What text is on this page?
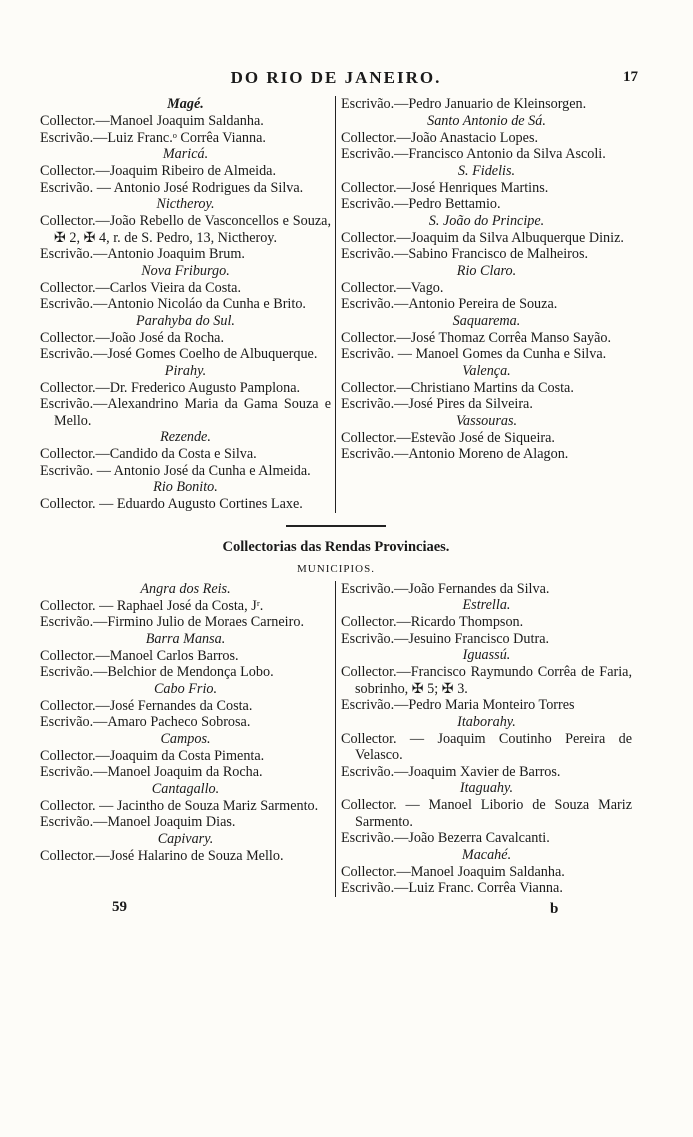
DO RIO DE JANEIRO.	17
Magé.
Collector.—Manoel Joaquim Saldanha.
Escrivão.—Luiz Franc.ᵒ Corrêa Vianna.
Maricá.
Collector.—Joaquim Ribeiro de Almeida.
Escrivão. — Antonio José Rodrigues da Silva.
Nictheroy.
Collector.—João Rebello de Vasconcellos e Souza, ✠ 2, ✠ 4, r. de S. Pedro, 13, Nictheroy.
Escrivão.—Antonio Joaquim Brum.
Nova Friburgo.
Collector.—Carlos Vieira da Costa.
Escrivão.—Antonio Nicoláo da Cunha e Brito.
Parahyba do Sul.
Collector.—João José da Rocha.
Escrivão.—José Gomes Coelho de Albuquerque.
Pirahy.
Collector.—Dr. Frederico Augusto Pamplona.
Escrivão.—Alexandrino Maria da Gama Souza e Mello.
Rezende.
Collector.—Candido da Costa e Silva.
Escrivão. — Antonio José da Cunha e Almeida.
Rio Bonito.
Collector. — Eduardo Augusto Cortines Laxe.
Escrivão.—Pedro Januario de Kleinsorgen.
Santo Antonio de Sá.
Collector.—João Anastacio Lopes.
Escrivão.—Francisco Antonio da Silva Ascoli.
S. Fidelis.
Collector.—José Henriques Martins.
Escrivão.—Pedro Bettamio.
S. João do Principe.
Collector.—Joaquim da Silva Albuquerque Diniz.
Escrivão.—Sabino Francisco de Malheiros.
Rio Claro.
Collector.—Vago.
Escrivão.—Antonio Pereira de Souza.
Saquarema.
Collector.—José Thomaz Corrêa Manso Sayão.
Escrivão. — Manoel Gomes da Cunha e Silva.
Valença.
Collector.—Christiano Martins da Costa.
Escrivão.—José Pires da Silveira.
Vassouras.
Collector.—Estevão José de Siqueira.
Escrivão.—Antonio Moreno de Alagon.
Collectorias das Rendas Provinciaes.
MUNICIPIOS.
Angra dos Reis.
Collector. — Raphael José da Costa, Jʳ.
Escrivão.—Firmino Julio de Moraes Carneiro.
Barra Mansa.
Collector.—Manoel Carlos Barros.
Escrivão.—Belchior de Mendonça Lobo.
Cabo Frio.
Collector.—José Fernandes da Costa.
Escrivão.—Amaro Pacheco Sobrosa.
Campos.
Collector.—Joaquim da Costa Pimenta.
Escrivão.—Manoel Joaquim da Rocha.
Cantagallo.
Collector. — Jacintho de Souza Mariz Sarmento.
Escrivão.—Manoel Joaquim Dias.
Capivary.
Collector.—José Halarino de Souza Mello.
Escrivão.—João Fernandes da Silva.
Estrella.
Collector.—Ricardo Thompson.
Escrivão.—Jesuino Francisco Dutra.
Iguassú.
Collector.—Francisco Raymundo Corrêa de Faria, sobrinho, ✠ 5; ✠ 3.
Escrivão.—Pedro Maria Monteiro Torres
Itaborahy.
Collector. — Joaquim Coutinho Pereira de Velasco.
Escrivão.—Joaquim Xavier de Barros.
Itaguahy.
Collector. — Manoel Liborio de Souza Mariz Sarmento.
Escrivão.—João Bezerra Cavalcanti.
Macahé.
Collector.—Manoel Joaquim Saldanha.
Escrivão.—Luiz Franc. Corrêa Vianna.
59	b
